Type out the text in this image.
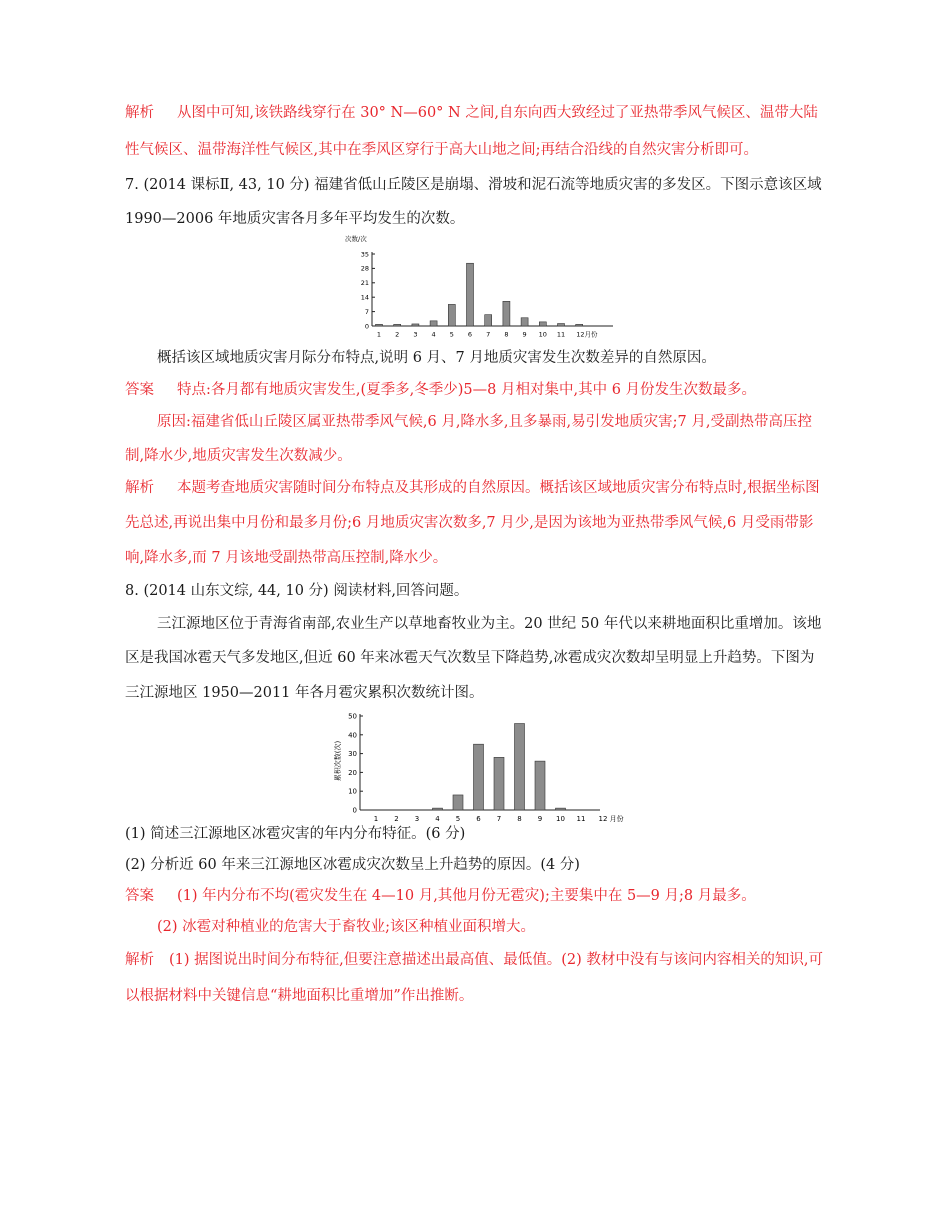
解析 从图中可知,该铁路线穿行在 30° N—60° N 之间,自东向西大致经过了亚热带季风气候区、温带大陆
性气候区、温带海洋性气候区,其中在季风区穿行于高大山地之间;再结合沿线的自然灾害分析即可。
7. (2014 课标Ⅱ, 43, 10 分) 福建省低山丘陵区是崩塌、滑坡和泥石流等地质灾害的多发区。下图示意该区域
1990—2006 年地质灾害各月多年平均发生的次数。
次数/次
0
7
14
21
28
35
1 2 3 4 5 6 7 8 9 10 11 12月份
概括该区域地质灾害月际分布特点,说明 6 月、7 月地质灾害发生次数差异的自然原因。
答案 特点:各月都有地质灾害发生,(夏季多,冬季少)5—8 月相对集中,其中 6 月份发生次数最多。
原因:福建省低山丘陵区属亚热带季风气候,6 月,降水多,且多暴雨,易引发地质灾害;7 月,受副热带高压控
制,降水少,地质灾害发生次数减少。
解析 本题考查地质灾害随时间分布特点及其形成的自然原因。概括该区域地质灾害分布特点时,根据坐标图
先总述,再说出集中月份和最多月份;6 月地质灾害次数多,7 月少,是因为该地为亚热带季风气候,6 月受雨带影
响,降水多,而 7 月该地受副热带高压控制,降水少。
8. (2014 山东文综, 44, 10 分) 阅读材料,回答问题。
三江源地区位于青海省南部,农业生产以草地畜牧业为主。20 世纪 50 年代以来耕地面积比重增加。该地
区是我国冰雹天气多发地区,但近 60 年来冰雹天气次数呈下降趋势,冰雹成灾次数却呈明显上升趋势。下图为
三江源地区 1950—2011 年各月雹灾累积次数统计图。
累积次数(次)
0
10
20
30
40
50
1 2 3 4 5 6 7 8 9 10 11 12 月份
(1) 简述三江源地区冰雹灾害的年内分布特征。(6 分)
(2) 分析近 60 年来三江源地区冰雹成灾次数呈上升趋势的原因。(4 分)
答案 (1) 年内分布不均(雹灾发生在 4—10 月,其他月份无雹灾);主要集中在 5—9 月;8 月最多。
(2) 冰雹对种植业的危害大于畜牧业;该区种植业面积增大。
解析 (1) 据图说出时间分布特征,但要注意描述出最高值、最低值。(2) 教材中没有与该问内容相关的知识,可
以根据材料中关键信息“耕地面积比重增加”作出推断。
